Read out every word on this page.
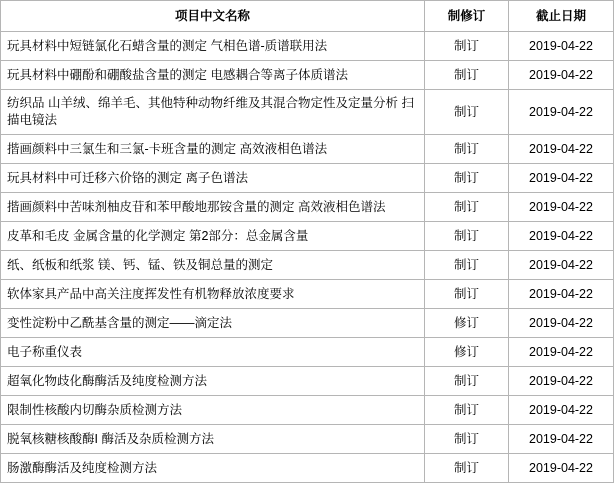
项目中文名称	制修订	截止日期
玩具材料中短链氯化石蜡含量的测定 气相色谱-质谱联用法	制订	2019-04-22
玩具材料中硼酚和硼酸盐含量的测定 电感耦合等离子体质谱法	制订	2019-04-22
纺织品 山羊绒、绵羊毛、其他特种动物纤维及其混合物定性及定量分析 扫描电镜法	制订	2019-04-22
揩画颜料中三氯生和三氯-卡班含量的测定 高效液相色谱法	制订	2019-04-22
玩具材料中可迁移六价铬的测定 离子色谱法	制订	2019-04-22
揩画颜料中苦味剂柚皮苷和苯甲酸地那铵含量的测定 高效液相色谱法	制订	2019-04-22
皮革和毛皮 金属含量的化学测定 第2部分：总金属含量	制订	2019-04-22
纸、纸板和纸浆 镁、钙、锰、铁及铜总量的测定	制订	2019-04-22
软体家具产品中高关注度挥发性有机物释放浓度要求	制订	2019-04-22
变性淀粉中乙酰基含量的测定——滴定法	修订	2019-04-22
电子称重仪表	修订	2019-04-22
超氧化物歧化酶酶活及纯度检测方法	制订	2019-04-22
限制性核酸内切酶杂质检测方法	制订	2019-04-22
脱氧核糖核酸酶I 酶活及杂质检测方法	制订	2019-04-22
肠激酶酶活及纯度检测方法	制订	2019-04-22
